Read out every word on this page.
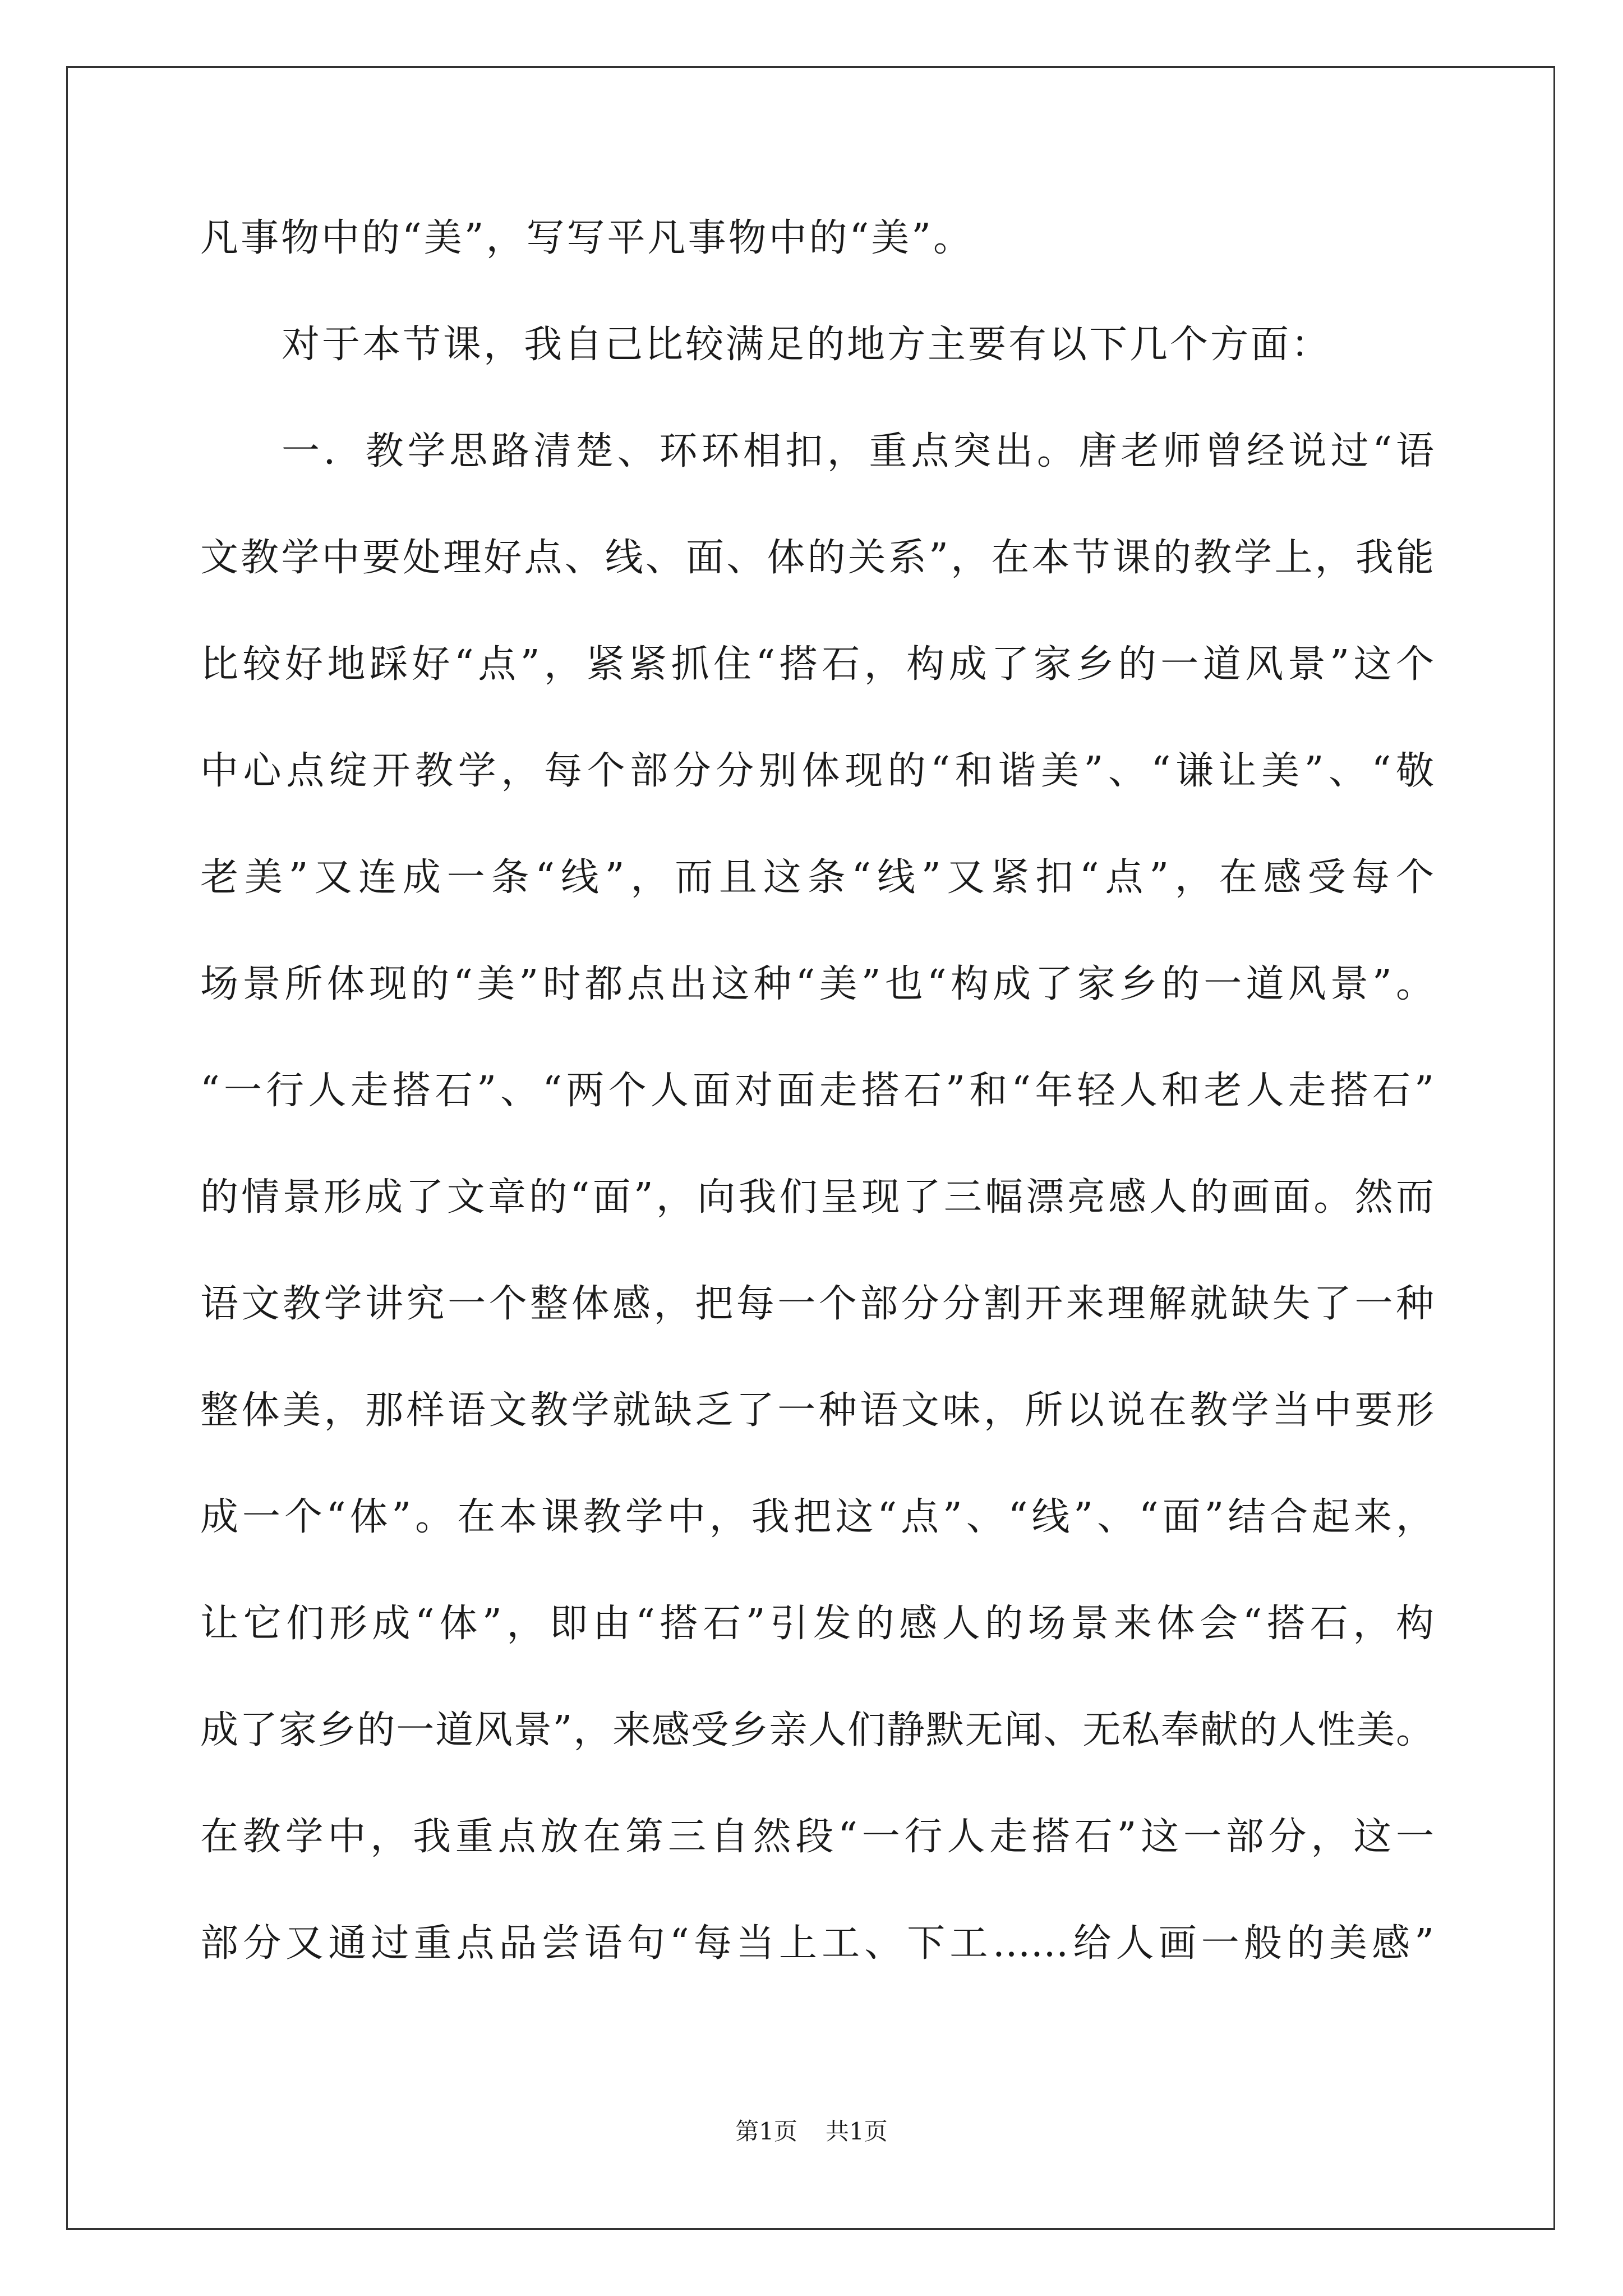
凡事物中的“美”，写写平凡事物中的“美”。
对于本节课，我自己比较满足的地方主要有以下几个方面：
一．教学思路清楚、环环相扣，重点突出。唐老师曾经说过“语
文教学中要处理好点、线、面、体的关系”，在本节课的教学上，我能
比较好地踩好“点”，紧紧抓住“搭石，构成了家乡的一道风景”这个
中心点绽开教学，每个部分分别体现的“和谐美”、“谦让美”、“敬
老美”又连成一条“线”，而且这条“线”又紧扣“点”，在感受每个
场景所体现的“美”时都点出这种“美”也“构成了家乡的一道风景”。
“一行人走搭石”、“两个人面对面走搭石”和“年轻人和老人走搭石”
的情景形成了文章的“面”，向我们呈现了三幅漂亮感人的画面。然而
语文教学讲究一个整体感，把每一个部分分割开来理解就缺失了一种
整体美，那样语文教学就缺乏了一种语文味，所以说在教学当中要形
成一个“体”。在本课教学中，我把这“点”、“线”、“面”结合起来，
让它们形成“体”，即由“搭石”引发的感人的场景来体会“搭石，构
成了家乡的一道风景”，来感受乡亲人们静默无闻、无私奉献的人性美。
在教学中，我重点放在第三自然段“一行人走搭石”这一部分，这一
部分又通过重点品尝语句“每当上工、下工……给人画一般的美感”
第1页 共1页
